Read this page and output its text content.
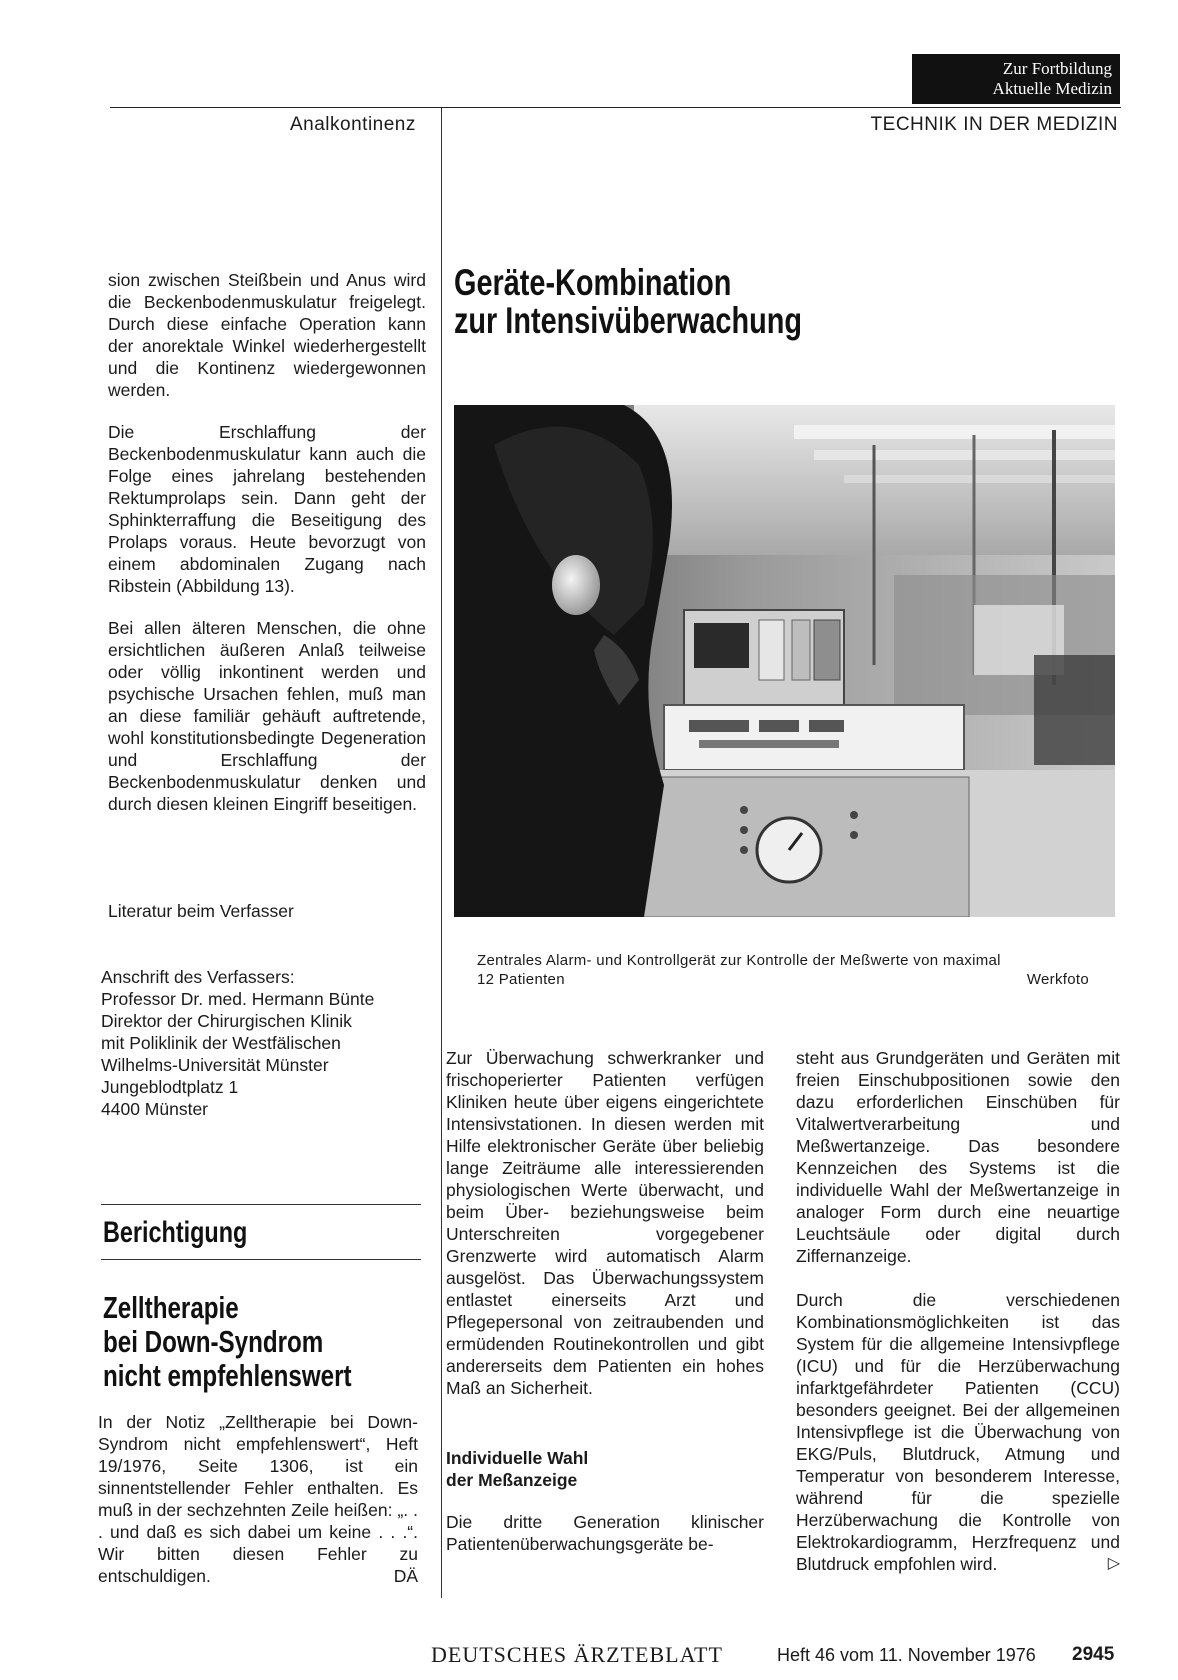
Zur Fortbildung
Aktuelle Medizin
Analkontinenz	TECHNIK IN DER MEDIZIN

sion zwischen Steißbein und Anus wird die Beckenbodenmuskulatur freigelegt. Durch diese einfache Operation kann der anorektale Winkel wiederhergestellt und die Kontinenz wiedergewonnen werden.

Die Erschlaffung der Beckenbodenmuskulatur kann auch die Folge eines jahrelang bestehenden Rektumprolaps sein. Dann geht der Sphinkterraffung die Beseitigung des Prolaps voraus. Heute bevorzugt von einem abdominalen Zugang nach Ribstein (Abbildung 13).

Bei allen älteren Menschen, die ohne ersichtlichen äußeren Anlaß teilweise oder völlig inkontinent werden und psychische Ursachen fehlen, muß man an diese familiär gehäuft auftretende, wohl konstitutionsbedingte Degeneration und Erschlaffung der Beckenbodenmuskulatur denken und durch diesen kleinen Eingriff beseitigen.

Literatur beim Verfasser
Anschrift des Verfassers:
Professor Dr. med. Hermann Bünte
Direktor der Chirurgischen Klinik
mit Poliklinik der Westfälischen
Wilhelms-Universität Münster
Jungeblodtplatz 1
4400 Münster
Berichtigung
Zelltherapie
bei Down-Syndrom
nicht empfehlenswert
In der Notiz „Zelltherapie bei Down-Syndrom nicht empfehlenswert“, Heft 19/1976, Seite 1306, ist ein sinnentstellender Fehler enthalten. Es muß in der sechzehnten Zeile heißen: „. . . und daß es sich dabei um keine . . .“. Wir bitten diesen Fehler zu entschuldigen.	DÄ
Geräte-Kombination
zur Intensivüberwachung
Zentrales Alarm- und Kontrollgerät zur Kontrolle der Meßwerte von maximal
12 Patienten	Werkfoto

Zur Überwachung schwerkranker und frischoperierter Patienten verfügen Kliniken heute über eigens eingerichtete Intensivstationen. In diesen werden mit Hilfe elektronischer Geräte über beliebig lange Zeiträume alle interessierenden physiologischen Werte überwacht, und beim Über- beziehungsweise beim Unterschreiten vorgegebener Grenzwerte wird automatisch Alarm ausgelöst. Das Überwachungssystem entlastet einerseits Arzt und Pflegepersonal von zeitraubenden und ermüdenden Routinekontrollen und gibt andererseits dem Patienten ein hohes Maß an Sicherheit.

Individuelle Wahl
der Meßanzeige

Die dritte Generation klinischer Patientenüberwachungsgeräte be-

steht aus Grundgeräten und Geräten mit freien Einschubpositionen sowie den dazu erforderlichen Einschüben für Vitalwertverarbeitung und Meßwertanzeige. Das besondere Kennzeichen des Systems ist die individuelle Wahl der Meßwertanzeige in analoger Form durch eine neuartige Leuchtsäule oder digital durch Ziffernanzeige.

Durch die verschiedenen Kombinationsmöglichkeiten ist das System für die allgemeine Intensivpflege (ICU) und für die Herzüberwachung infarktgefährdeter Patienten (CCU) besonders geeignet. Bei der allgemeinen Intensivpflege ist die Überwachung von EKG/Puls, Blutdruck, Atmung und Temperatur von besonderem Interesse, während für die spezielle Herzüberwachung die Kontrolle von Elektrokardiogramm, Herzfrequenz und Blutdruck empfohlen wird.	▷

DEUTSCHES ÄRZTEBLATT	Heft 46 vom 11. November 1976 2945
